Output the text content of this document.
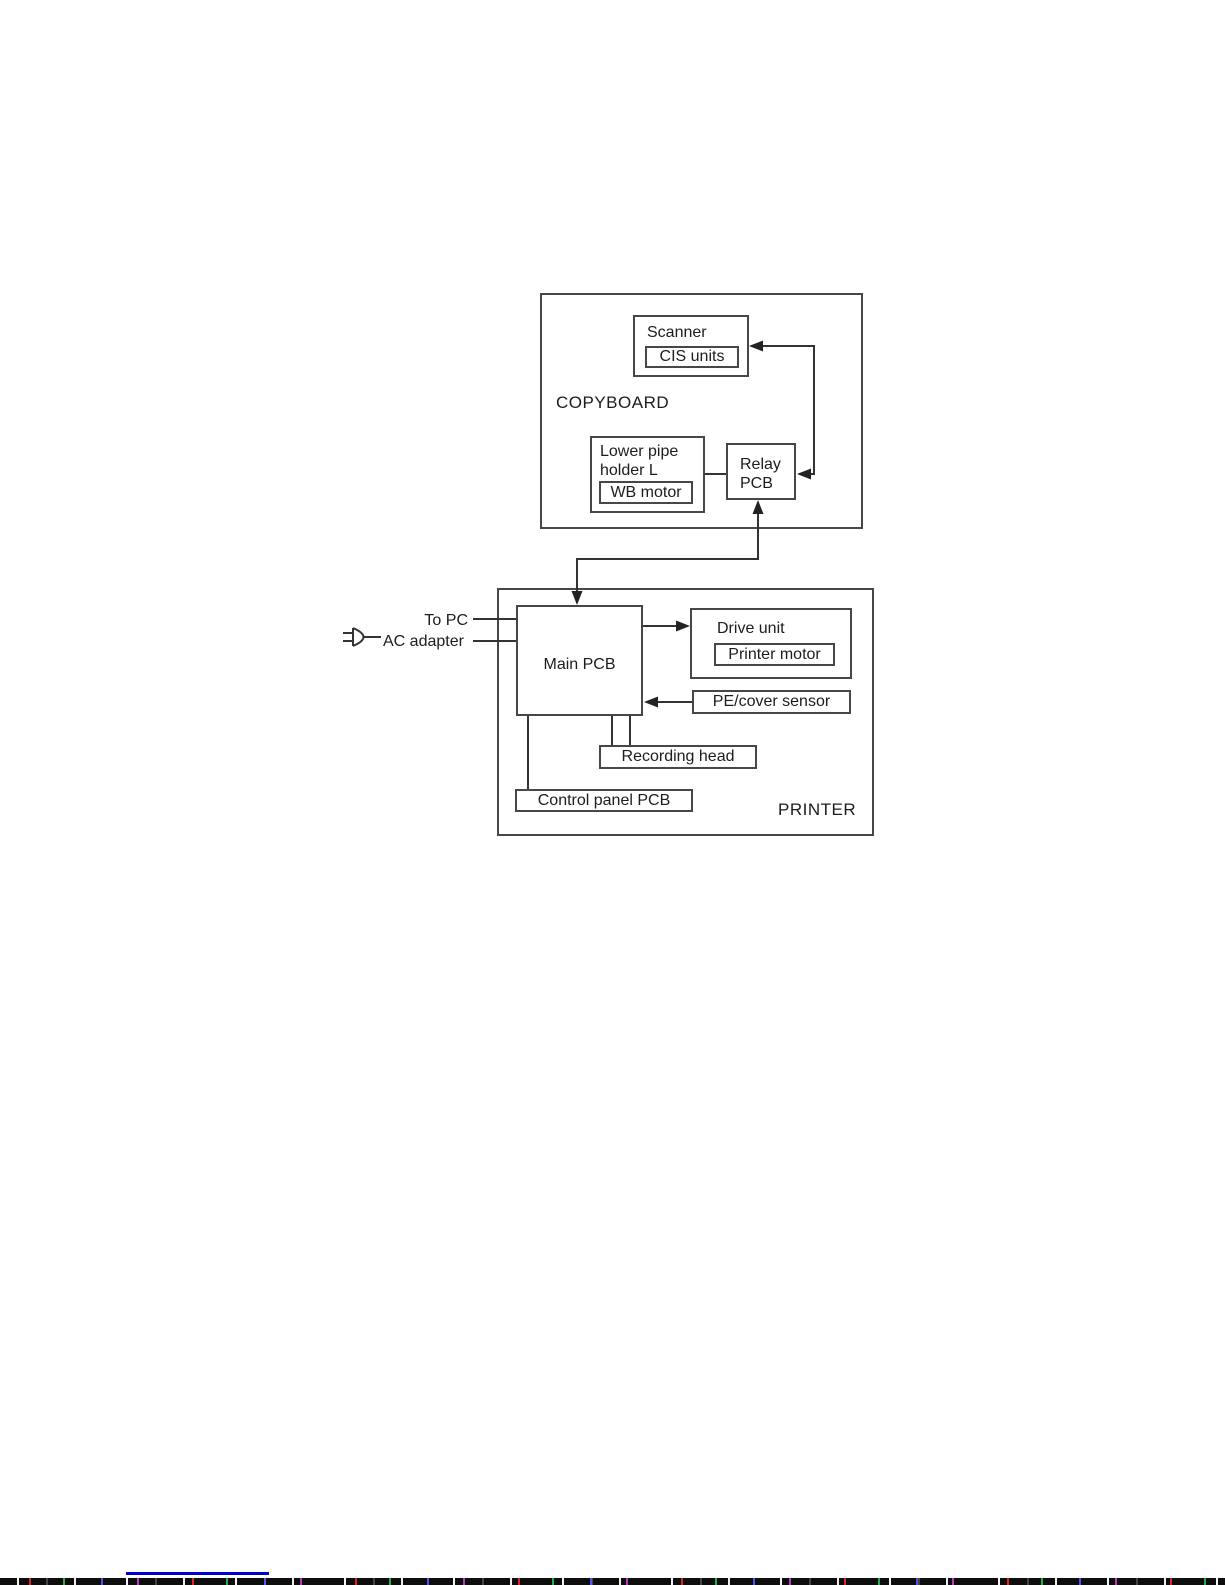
COPYBOARD
Scanner
CIS units
Lower pipe
holder L
WB motor
Relay
PCB
PRINTER
Main PCB
Drive unit
Printer motor
PE/cover sensor
Recording head
Control panel PCB
To PC
AC adapter
